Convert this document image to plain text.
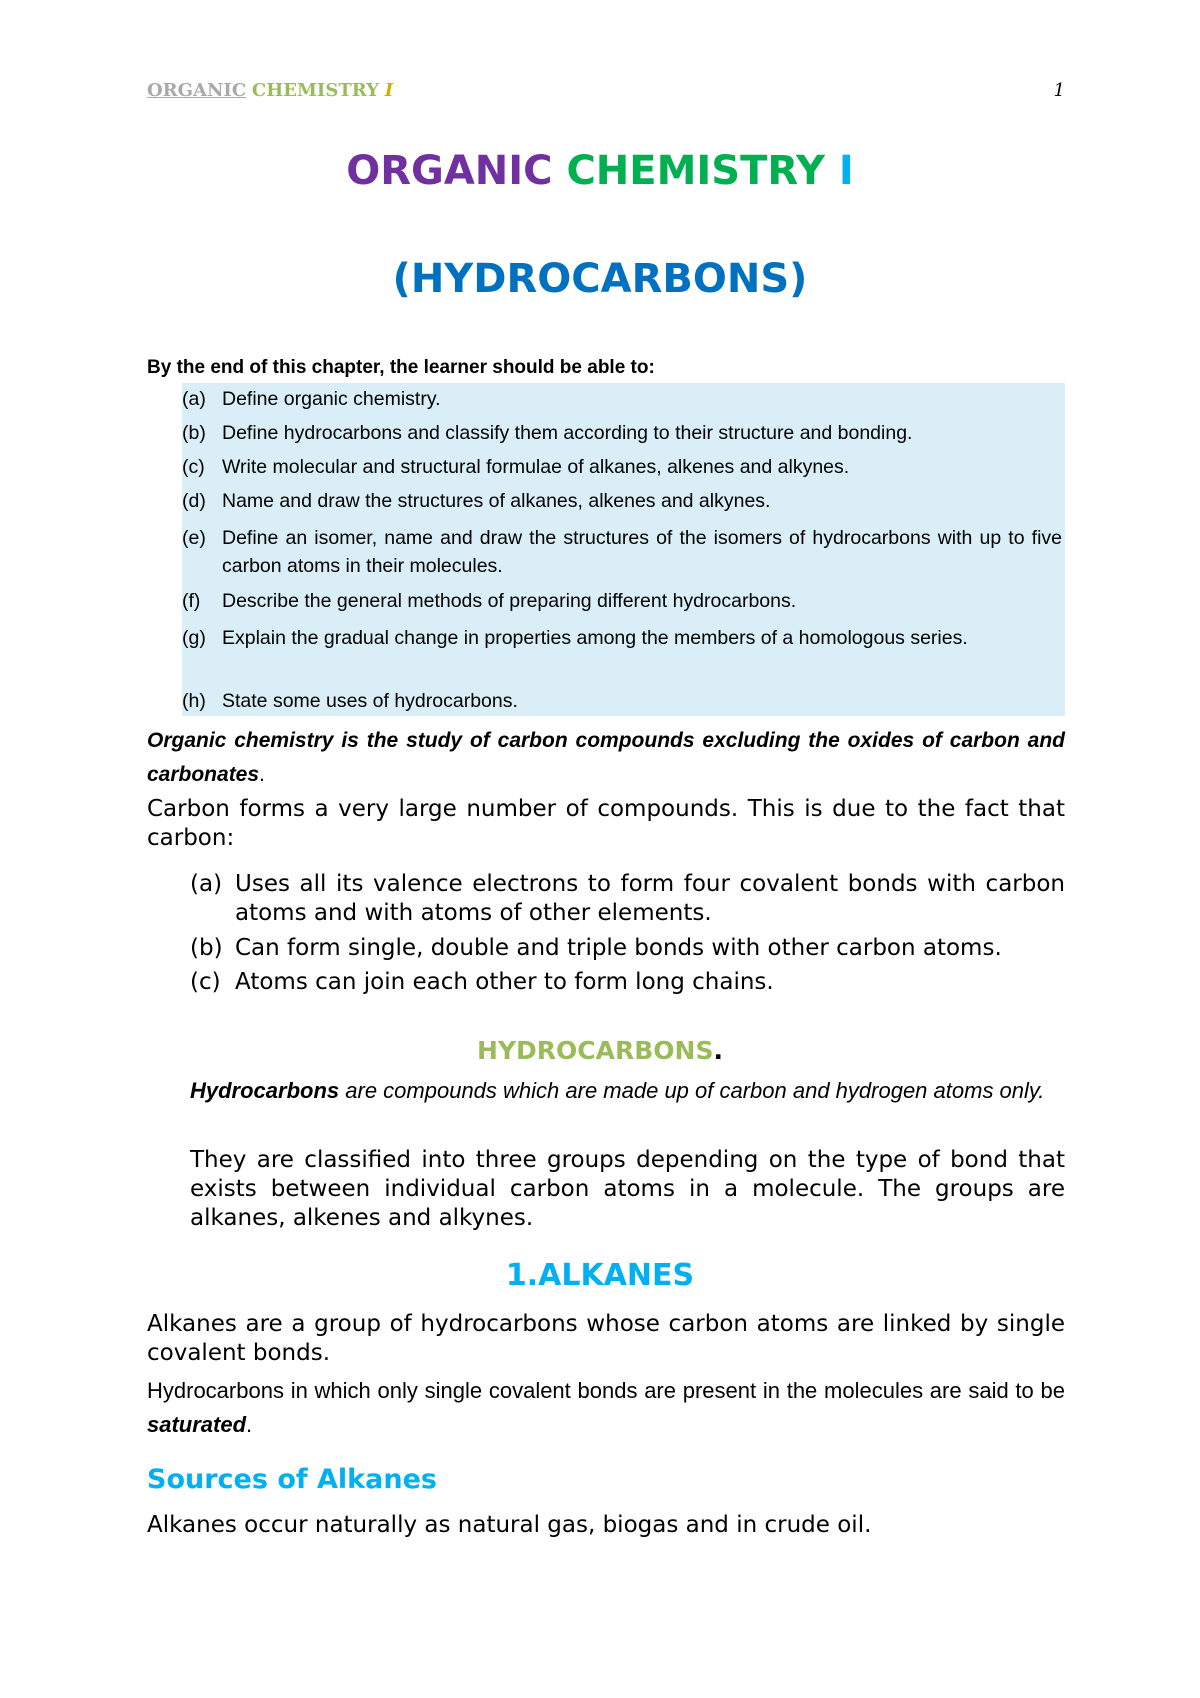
ORGANIC CHEMISTRY I	1
ORGANIC CHEMISTRY I
(HYDROCARBONS)
By the end of this chapter, the learner should be able to:
(a) Define organic chemistry.
(b) Define hydrocarbons and classify them according to their structure and bonding.
(c) Write molecular and structural formulae of alkanes, alkenes and alkynes.
(d) Name and draw the structures of alkanes, alkenes and alkynes.
(e) Define an isomer, name and draw the structures of the isomers of hydrocarbons with up to five carbon atoms in their molecules.
(f)	Describe the general methods of preparing different hydrocarbons.
(g) Explain the gradual change in properties among the members of a homologous series.
(h) State some uses of hydrocarbons.
Organic chemistry is the study of carbon compounds excluding the oxides of carbon and carbonates.
Carbon forms a very large number of compounds. This is due to the fact that carbon:
(a) Uses all its valence electrons to form four covalent bonds with carbon atoms and with atoms of other elements.
(b) Can form single, double and triple bonds with other carbon atoms.
(c) Atoms can join each other to form long chains.
HYDROCARBONS.
Hydrocarbons are compounds which are made up of carbon and hydrogen atoms only.
They are classified into three groups depending on the type of bond that exists between individual carbon atoms in a molecule. The groups are alkanes, alkenes and alkynes.
1.ALKANES
Alkanes are a group of hydrocarbons whose carbon atoms are linked by single covalent bonds.
Hydrocarbons in which only single covalent bonds are present in the molecules are said to be saturated.
Sources of Alkanes
Alkanes occur naturally as natural gas, biogas and in crude oil.
